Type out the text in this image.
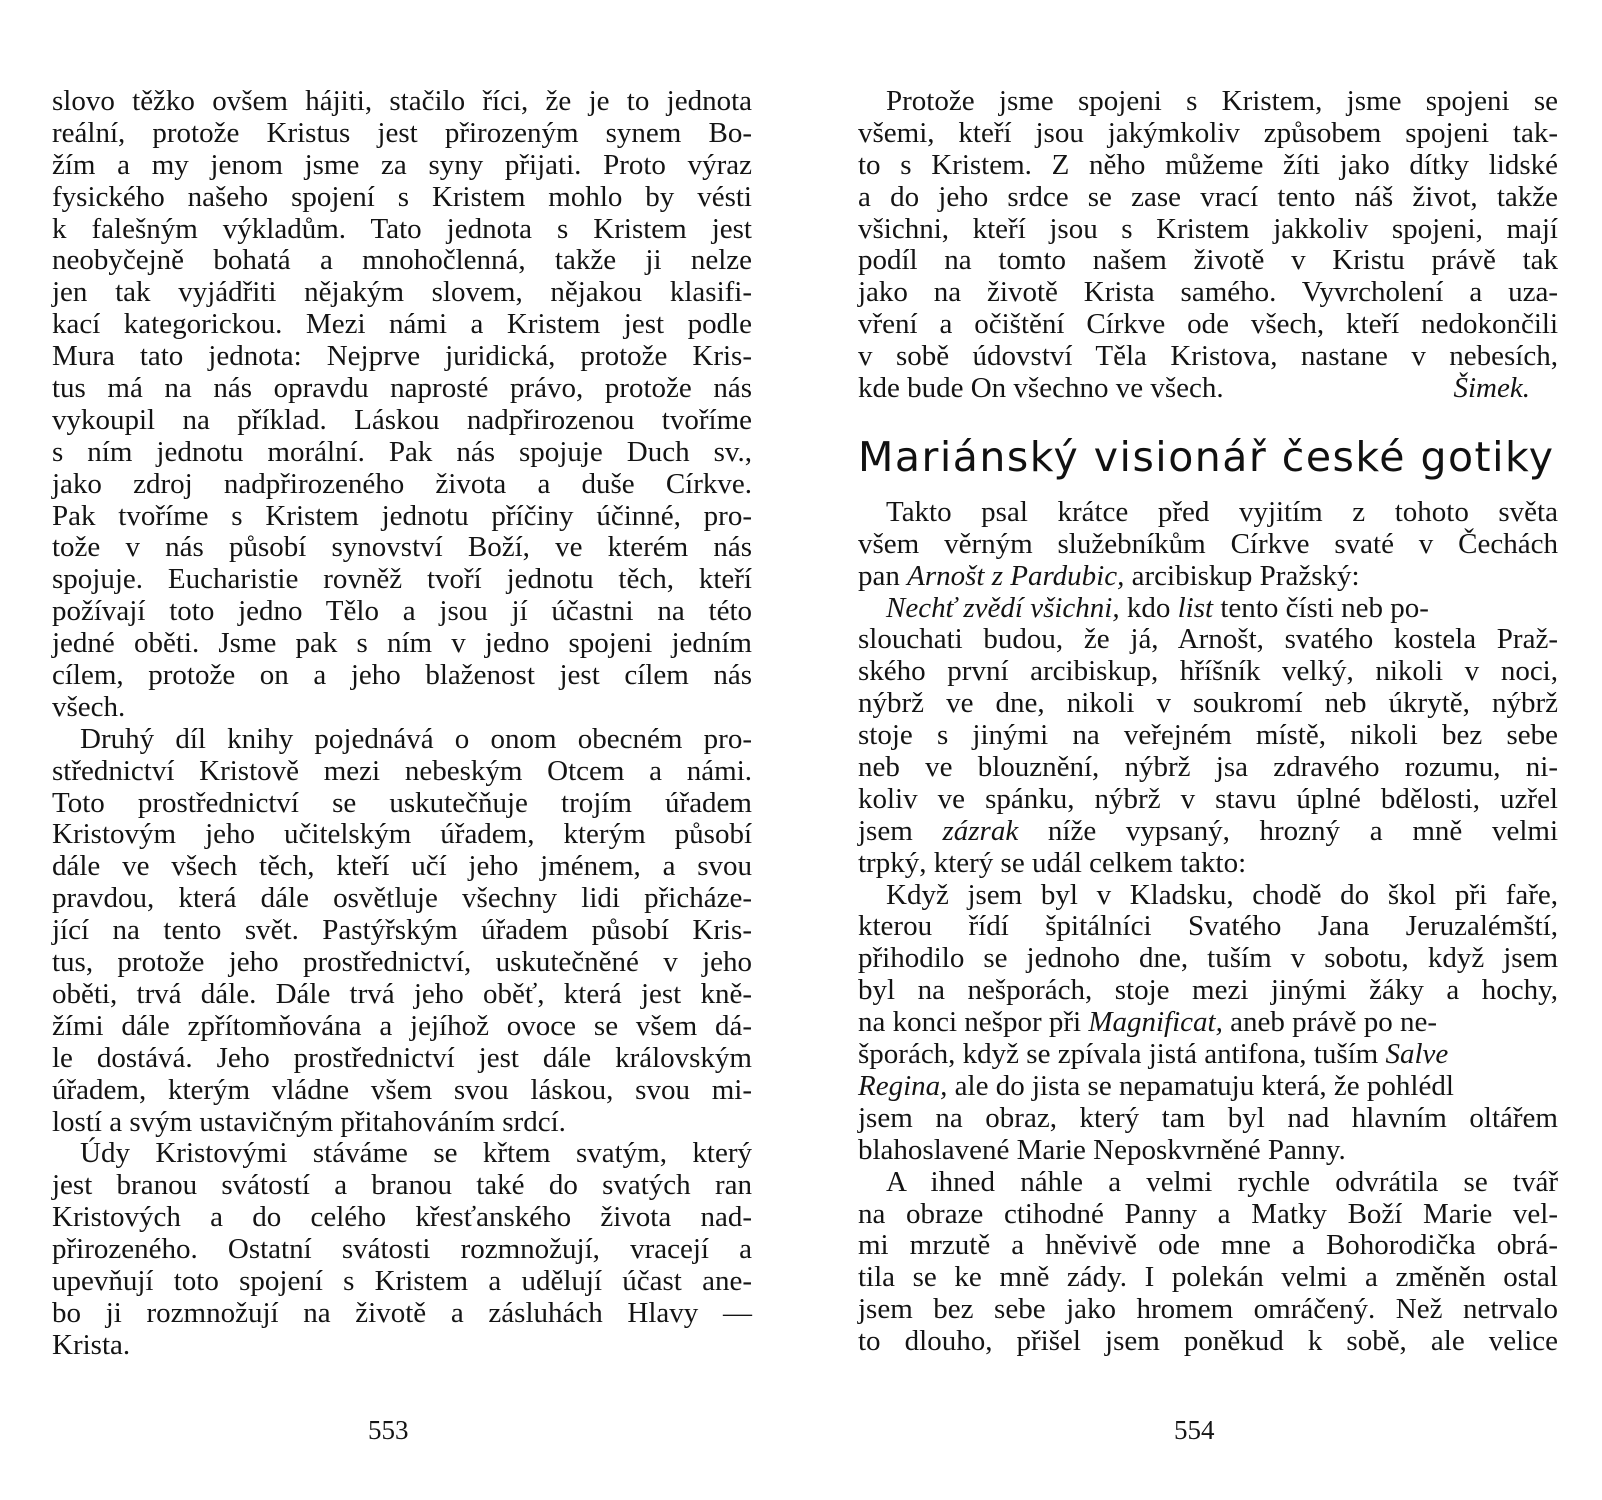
slovo těžko ovšem hájiti, stačilo říci, že je to jednota
reální, protože Kristus jest přirozeným synem Bo-
žím a my jenom jsme za syny přijati. Proto výraz
fysického našeho spojení s Kristem mohlo by vésti
k falešným výkladům. Tato jednota s Kristem jest
neobyčejně bohatá a mnohočlenná, takže ji nelze
jen tak vyjádřiti nějakým slovem, nějakou klasifi-
kací kategorickou. Mezi námi a Kristem jest podle
Mura tato jednota: Nejprve juridická, protože Kris-
tus má na nás opravdu naprosté právo, protože nás
vykoupil na příklad. Láskou nadpřirozenou tvoříme
s ním jednotu morální. Pak nás spojuje Duch sv.,
jako zdroj nadpřirozeného života a duše Církve.
Pak tvoříme s Kristem jednotu příčiny účinné, pro-
tože v nás působí synovství Boží, ve kterém nás
spojuje. Eucharistie rovněž tvoří jednotu těch, kteří
požívají toto jedno Tělo a jsou jí účastni na této
jedné oběti. Jsme pak s ním v jedno spojeni jedním
cílem, protože on a jeho blaženost jest cílem nás
všech.
Druhý díl knihy pojednává o onom obecném pro-
střednictví Kristově mezi nebeským Otcem a námi.
Toto prostřednictví se uskutečňuje trojím úřadem
Kristovým jeho učitelským úřadem, kterým působí
dále ve všech těch, kteří učí jeho jménem, a svou
pravdou, která dále osvětluje všechny lidi přicháze-
jící na tento svět. Pastýřským úřadem působí Kris-
tus, protože jeho prostřednictví, uskutečněné v jeho
oběti, trvá dále. Dále trvá jeho oběť, která jest kně-
žími dále zpřítomňována a jejíhož ovoce se všem dá-
le dostává. Jeho prostřednictví jest dále královským
úřadem, kterým vládne všem svou láskou, svou mi-
lostí a svým ustavičným přitahováním srdcí.
Údy Kristovými stáváme se křtem svatým, který
jest branou svátostí a branou také do svatých ran
Kristových a do celého křesťanského života nad-
přirozeného. Ostatní svátosti rozmnožují, vracejí a
upevňují toto spojení s Kristem a udělují účast ane-
bo ji rozmnožují na životě a zásluhách Hlavy —
Krista.
553
Protože jsme spojeni s Kristem, jsme spojeni se
všemi, kteří jsou jakýmkoliv způsobem spojeni tak-
to s Kristem. Z něho můžeme žíti jako dítky lidské
a do jeho srdce se zase vrací tento náš život, takže
všichni, kteří jsou s Kristem jakkoliv spojeni, mají
podíl na tomto našem životě v Kristu právě tak
jako na životě Krista samého. Vyvrcholení a uza-
vření a očištění Církve ode všech, kteří nedokončili
v sobě údovství Těla Kristova, nastane v nebesích,
kde bude On všechno ve všech.	Šimek.
Mariánský visionář české gotiky
Takto psal krátce před vyjitím z tohoto světa
všem věrným služebníkům Církve svaté v Čechách
pan Arnošt z Pardubic, arcibiskup Pražský:
Nechť zvědí všichni, kdo list tento čísti neb po-
slouchati budou, že já, Arnošt, svatého kostela Praž-
ského první arcibiskup, hříšník velký, nikoli v noci,
nýbrž ve dne, nikoli v soukromí neb úkrytě, nýbrž
stoje s jinými na veřejném místě, nikoli bez sebe
neb ve blouznění, nýbrž jsa zdravého rozumu, ni-
koliv ve spánku, nýbrž v stavu úplné bdělosti, uzřel
jsem zázrak níže vypsaný, hrozný a mně velmi
trpký, který se udál celkem takto:
Když jsem byl v Kladsku, chodě do škol při faře,
kterou řídí špitálníci Svatého Jana Jeruzalémští,
přihodilo se jednoho dne, tuším v sobotu, když jsem
byl na nešporách, stoje mezi jinými žáky a hochy,
na konci nešpor při Magnificat, aneb právě po ne-
šporách, když se zpívala jistá antifona, tuším Salve
Regina, ale do jista se nepamatuju která, že pohlédl
jsem na obraz, který tam byl nad hlavním oltářem
blahoslavené Marie Neposkvrněné Panny.
A ihned náhle a velmi rychle odvrátila se tvář
na obraze ctihodné Panny a Matky Boží Marie vel-
mi mrzutě a hněvivě ode mne a Bohorodička obrá-
tila se ke mně zády. I polekán velmi a změněn ostal
jsem bez sebe jako hromem omráčený. Než netrvalo
to dlouho, přišel jsem poněkud k sobě, ale velice
554
